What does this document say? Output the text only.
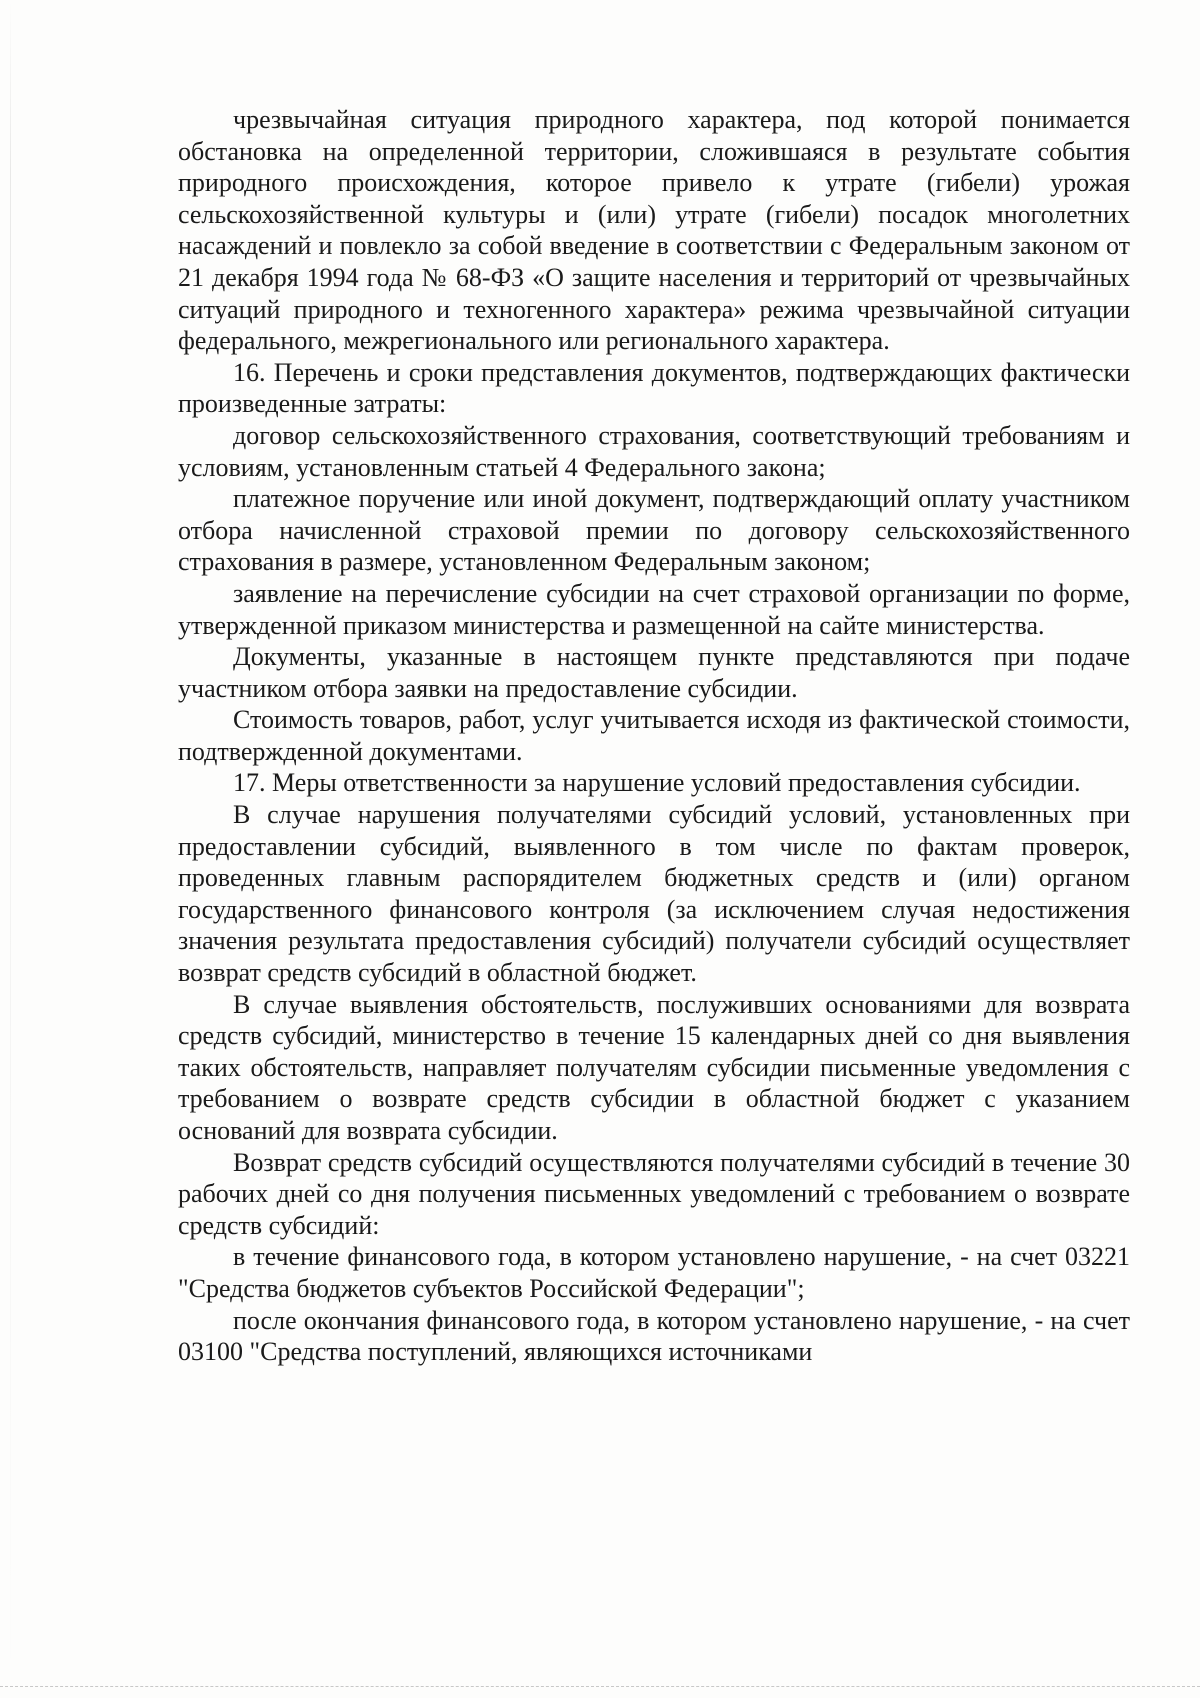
чрезвычайная ситуация природного характера, под которой понимается обстановка на определенной территории, сложившаяся в результате события природного происхождения, которое привело к утрате (гибели) урожая сельскохозяйственной культуры и (или) утрате (гибели) посадок многолетних насаждений и повлекло за собой введение в соответствии с Федеральным законом от 21 декабря 1994 года № 68-ФЗ «О защите населения и территорий от чрезвычайных ситуаций природного и техногенного характера» режима чрезвычайной ситуации федерального, межрегионального или регионального характера.

16. Перечень и сроки представления документов, подтверждающих фактически произведенные затраты:

договор сельскохозяйственного страхования, соответствующий требованиям и условиям, установленным статьей 4 Федерального закона;

платежное поручение или иной документ, подтверждающий оплату участником отбора начисленной страховой премии по договору сельскохозяйственного страхования в размере, установленном Федеральным законом;

заявление на перечисление субсидии на счет страховой организации по форме, утвержденной приказом министерства и размещенной на сайте министерства.

Документы, указанные в настоящем пункте представляются при подаче участником отбора заявки на предоставление субсидии.

Стоимость товаров, работ, услуг учитывается исходя из фактической стоимости, подтвержденной документами.

17. Меры ответственности за нарушение условий предоставления субсидии.

В случае нарушения получателями субсидий условий, установленных при предоставлении субсидий, выявленного в том числе по фактам проверок, проведенных главным распорядителем бюджетных средств и (или) органом государственного финансового контроля (за исключением случая недостижения значения результата предоставления субсидий) получатели субсидий осуществляет возврат средств субсидий в областной бюджет.

В случае выявления обстоятельств, послуживших основаниями для возврата средств субсидий, министерство в течение 15 календарных дней со дня выявления таких обстоятельств, направляет получателям субсидии письменные уведомления с требованием о возврате средств субсидии в областной бюджет с указанием оснований для возврата субсидии.

Возврат средств субсидий осуществляются получателями субсидий в течение 30 рабочих дней со дня получения письменных уведомлений с требованием о возврате средств субсидий:

в течение финансового года, в котором установлено нарушение, - на счет 03221 "Средства бюджетов субъектов Российской Федерации";

после окончания финансового года, в котором установлено нарушение, - на счет 03100 "Средства поступлений, являющихся источниками
